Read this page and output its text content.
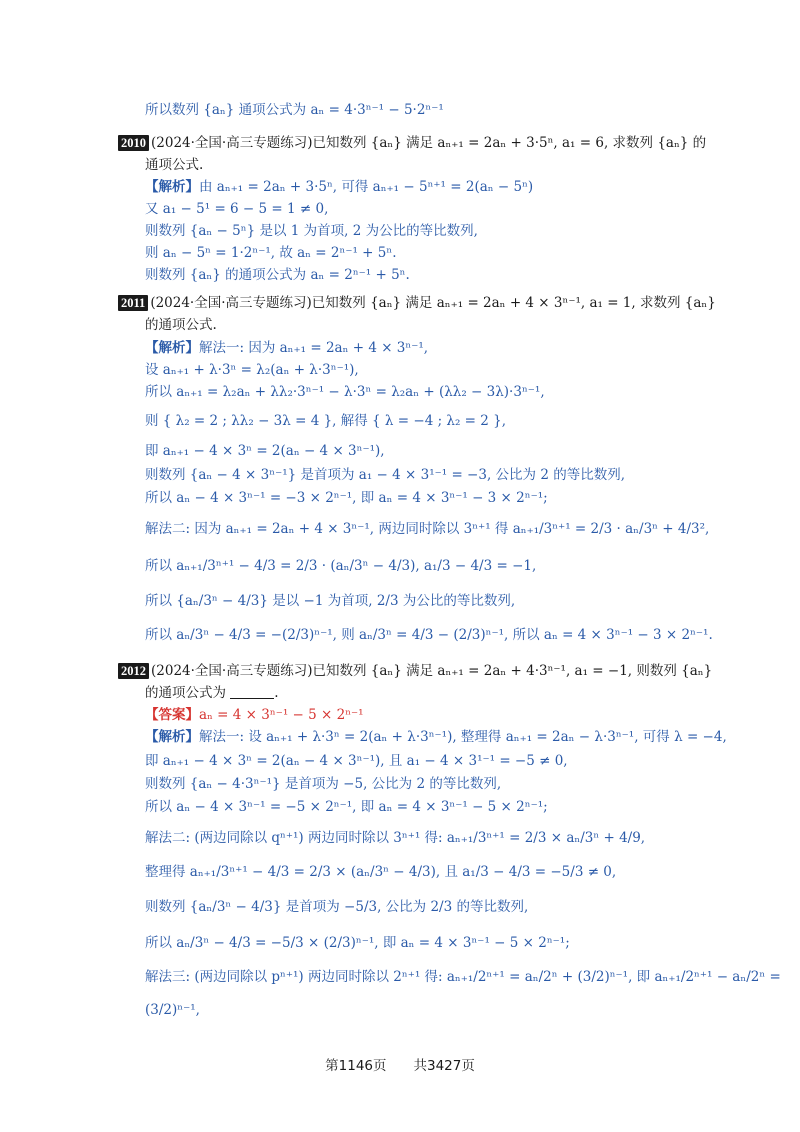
所以数列 {aₙ} 通项公式为 aₙ = 4·3ⁿ⁻¹ − 5·2ⁿ⁻¹
2010 (2024·全国·高三专题练习)已知数列 {aₙ} 满足 aₙ₊₁ = 2aₙ + 3·5ⁿ, a₁ = 6, 求数列 {aₙ} 的
通项公式.
【解析】由 aₙ₊₁ = 2aₙ + 3·5ⁿ, 可得 aₙ₊₁ − 5ⁿ⁺¹ = 2(aₙ − 5ⁿ)
又 a₁ − 5¹ = 6 − 5 = 1 ≠ 0,
则数列 {aₙ − 5ⁿ} 是以 1 为首项, 2 为公比的等比数列,
则 aₙ − 5ⁿ = 1·2ⁿ⁻¹, 故 aₙ = 2ⁿ⁻¹ + 5ⁿ.
则数列 {aₙ} 的通项公式为 aₙ = 2ⁿ⁻¹ + 5ⁿ.
2011 (2024·全国·高三专题练习)已知数列 {aₙ} 满足 aₙ₊₁ = 2aₙ + 4 × 3ⁿ⁻¹, a₁ = 1, 求数列 {aₙ}
的通项公式.
【解析】解法一: 因为 aₙ₊₁ = 2aₙ + 4 × 3ⁿ⁻¹,
设 aₙ₊₁ + λ·3ⁿ = λ₂(aₙ + λ·3ⁿ⁻¹),
所以 aₙ₊₁ = λ₂aₙ + λλ₂·3ⁿ⁻¹ − λ·3ⁿ = λ₂aₙ + (λλ₂ − 3λ)·3ⁿ⁻¹,
则 { λ₂ = 2 ; λλ₂ − 3λ = 4 }, 解得 { λ = −4 ; λ₂ = 2 },
即 aₙ₊₁ − 4 × 3ⁿ = 2(aₙ − 4 × 3ⁿ⁻¹),
则数列 {aₙ − 4 × 3ⁿ⁻¹} 是首项为 a₁ − 4 × 3¹⁻¹ = −3, 公比为 2 的等比数列,
所以 aₙ − 4 × 3ⁿ⁻¹ = −3 × 2ⁿ⁻¹, 即 aₙ = 4 × 3ⁿ⁻¹ − 3 × 2ⁿ⁻¹;
解法二: 因为 aₙ₊₁ = 2aₙ + 4 × 3ⁿ⁻¹, 两边同时除以 3ⁿ⁺¹ 得 aₙ₊₁/3ⁿ⁺¹ = 2/3 · aₙ/3ⁿ + 4/3²,
所以 aₙ₊₁/3ⁿ⁺¹ − 4/3 = 2/3 · (aₙ/3ⁿ − 4/3), a₁/3 − 4/3 = −1,
所以 {aₙ/3ⁿ − 4/3} 是以 −1 为首项, 2/3 为公比的等比数列,
所以 aₙ/3ⁿ − 4/3 = −(2/3)ⁿ⁻¹, 则 aₙ/3ⁿ = 4/3 − (2/3)ⁿ⁻¹, 所以 aₙ = 4 × 3ⁿ⁻¹ − 3 × 2ⁿ⁻¹.
2012 (2024·全国·高三专题练习)已知数列 {aₙ} 满足 aₙ₊₁ = 2aₙ + 4·3ⁿ⁻¹, a₁ = −1, 则数列 {aₙ}
的通项公式为	.
【答案】aₙ = 4 × 3ⁿ⁻¹ − 5 × 2ⁿ⁻¹
【解析】解法一: 设 aₙ₊₁ + λ·3ⁿ = 2(aₙ + λ·3ⁿ⁻¹), 整理得 aₙ₊₁ = 2aₙ − λ·3ⁿ⁻¹, 可得 λ = −4,
即 aₙ₊₁ − 4 × 3ⁿ = 2(aₙ − 4 × 3ⁿ⁻¹), 且 a₁ − 4 × 3¹⁻¹ = −5 ≠ 0,
则数列 {aₙ − 4·3ⁿ⁻¹} 是首项为 −5, 公比为 2 的等比数列,
所以 aₙ − 4 × 3ⁿ⁻¹ = −5 × 2ⁿ⁻¹, 即 aₙ = 4 × 3ⁿ⁻¹ − 5 × 2ⁿ⁻¹;
解法二: (两边同除以 qⁿ⁺¹) 两边同时除以 3ⁿ⁺¹ 得: aₙ₊₁/3ⁿ⁺¹ = 2/3 × aₙ/3ⁿ + 4/9,
整理得 aₙ₊₁/3ⁿ⁺¹ − 4/3 = 2/3 × (aₙ/3ⁿ − 4/3), 且 a₁/3 − 4/3 = −5/3 ≠ 0,
则数列 {aₙ/3ⁿ − 4/3} 是首项为 −5/3, 公比为 2/3 的等比数列,
所以 aₙ/3ⁿ − 4/3 = −5/3 × (2/3)ⁿ⁻¹, 即 aₙ = 4 × 3ⁿ⁻¹ − 5 × 2ⁿ⁻¹;
解法三: (两边同除以 pⁿ⁺¹) 两边同时除以 2ⁿ⁺¹ 得: aₙ₊₁/2ⁿ⁺¹ = aₙ/2ⁿ + (3/2)ⁿ⁻¹, 即 aₙ₊₁/2ⁿ⁺¹ − aₙ/2ⁿ =
(3/2)ⁿ⁻¹,
第1146页　　共3427页
